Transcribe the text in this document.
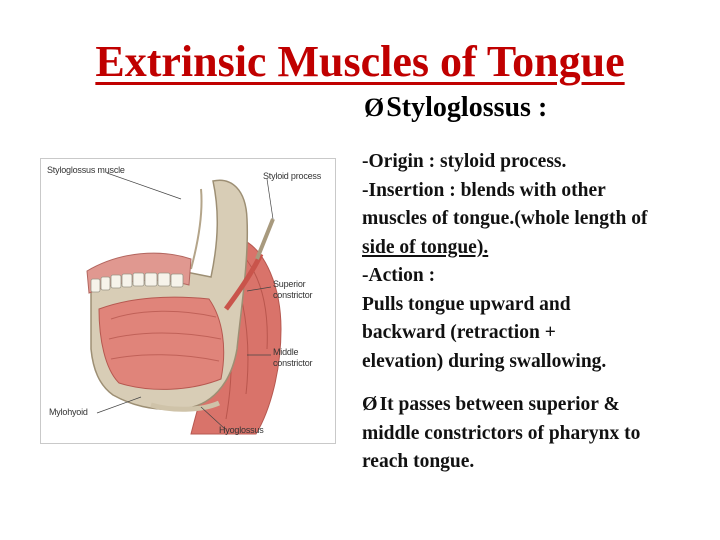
Extrinsic Muscles of Tongue
ØStyloglossus :
-Origin : styloid process.
-Insertion : blends with other
muscles of tongue.(whole length of
side of tongue).
-Action :
Pulls tongue upward and
backward (retraction +
elevation) during swallowing.
Ø It passes between superior &
middle constrictors of pharynx to
reach tongue.
Styloglossus muscle
Styloid process
Superior
constrictor
Middle
constrictor
Mylohyoid
Hyoglossus
